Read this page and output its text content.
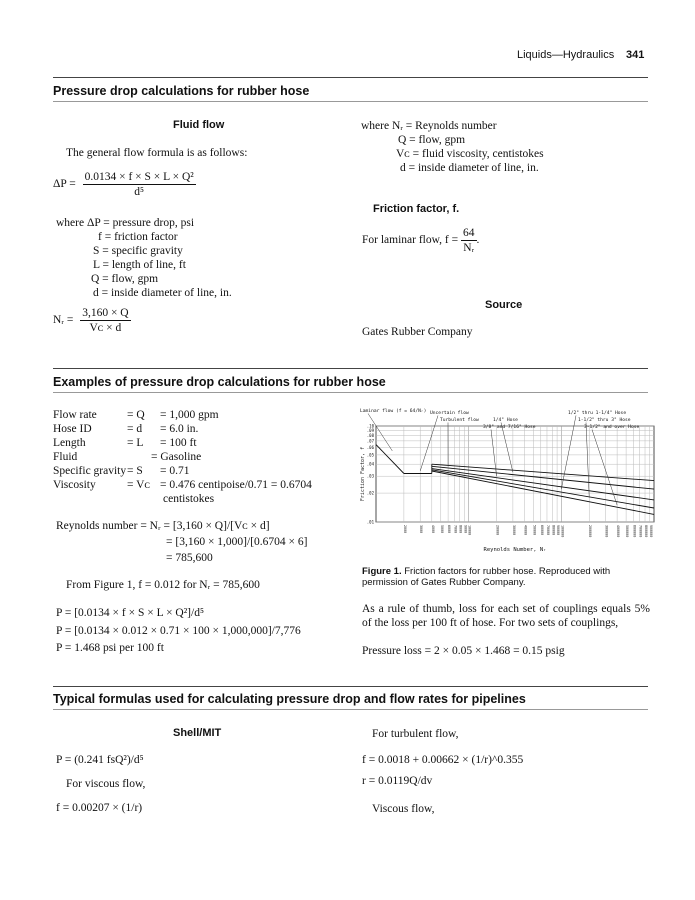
Liquids—Hydraulics 341
Pressure drop calculations for rubber hose
Fluid flow
The general flow formula is as follows:
$\Delta P = \frac{\text{0.0134 × f × S × L × Q²}}{\text{d⁵}}$
where ΔP = pressure drop, psi
f = friction factor
S = specific gravity
L = length of line, ft
Q = flow, gpm
d = inside diameter of line, in.
Nᵣ = $\frac{3,160 \times Q}{\text{Vᴄ × d}}$
where Nᵣ = Reynolds number
Q = flow, gpm
Vᴄ = fluid viscosity, centistokes
d = inside diameter of line, in.
Friction factor, f.
For laminar flow, $f = \frac{64}{\text{Nᵣ}}$ .
Source
Gates Rubber Company
Examples of pressure drop calculations for rubber hose
Flow rate	= Q = 1,000 gpm
Hose ID	= d = 6.0 in.
Length	= L = 100 ft
Fluid	= Gasoline
Specific gravity = S = 0.71
Viscosity	= Vᴄ = 0.476 centipoise/0.71 = 0.6704
centistokes
Reynolds number = Nᵣ = [3,160 × Q]/[Vᴄ × d]
= [3,160 × 1,000]/[0.6704 × 6]
= 785,600
From Figure 1, f = 0.012 for Nᵣ = 785,600
P = [0.0134 × f × S × L × Q²]/d⁵
P = [0.0134 × 0.012 × 0.71 × 100 × 1,000,000]/7,776
P = 1.468 psi per 100 ft
2000	3000 4000 5000 6000 7000 8000 9000 10000	20000	30000 40000 50000 60000 70000 80000 90000 100000	200000	300000 400000 500000 600000 700000 800000 900000
.01
.02
.03
.04
.05
.06
.07
.08
.09
.10
Friction Factor, f
Reynolds Number, Nᵣ
Laminar flow (f = 64/Nᵣ) Uncertain flow
Turbulent flow	1/4" Hose
3/8" and 7/16" Hose
1/2" thru 1-1/4" Hose
1-1/2" thru 3" Hose
3-1/2" and over Hose
Figure 1. Friction factors for rubber hose. Reproduced with permission of Gates Rubber Company.
As a rule of thumb, loss for each set of couplings equals 5% of the loss per 100 ft of hose. For two sets of couplings,
Pressure loss = 2 × 0.05 × 1.468 = 0.15 psig
Typical formulas used for calculating pressure drop and flow rates for pipelines
Shell/MIT
P = (0.241 fsQ²)/d⁵
For viscous flow,
f = 0.00207 × (1/r)
For turbulent flow,
f = 0.0018 + 0.00662 × (1/r)^0.355
r = 0.0119Q/dv
Viscous flow,
